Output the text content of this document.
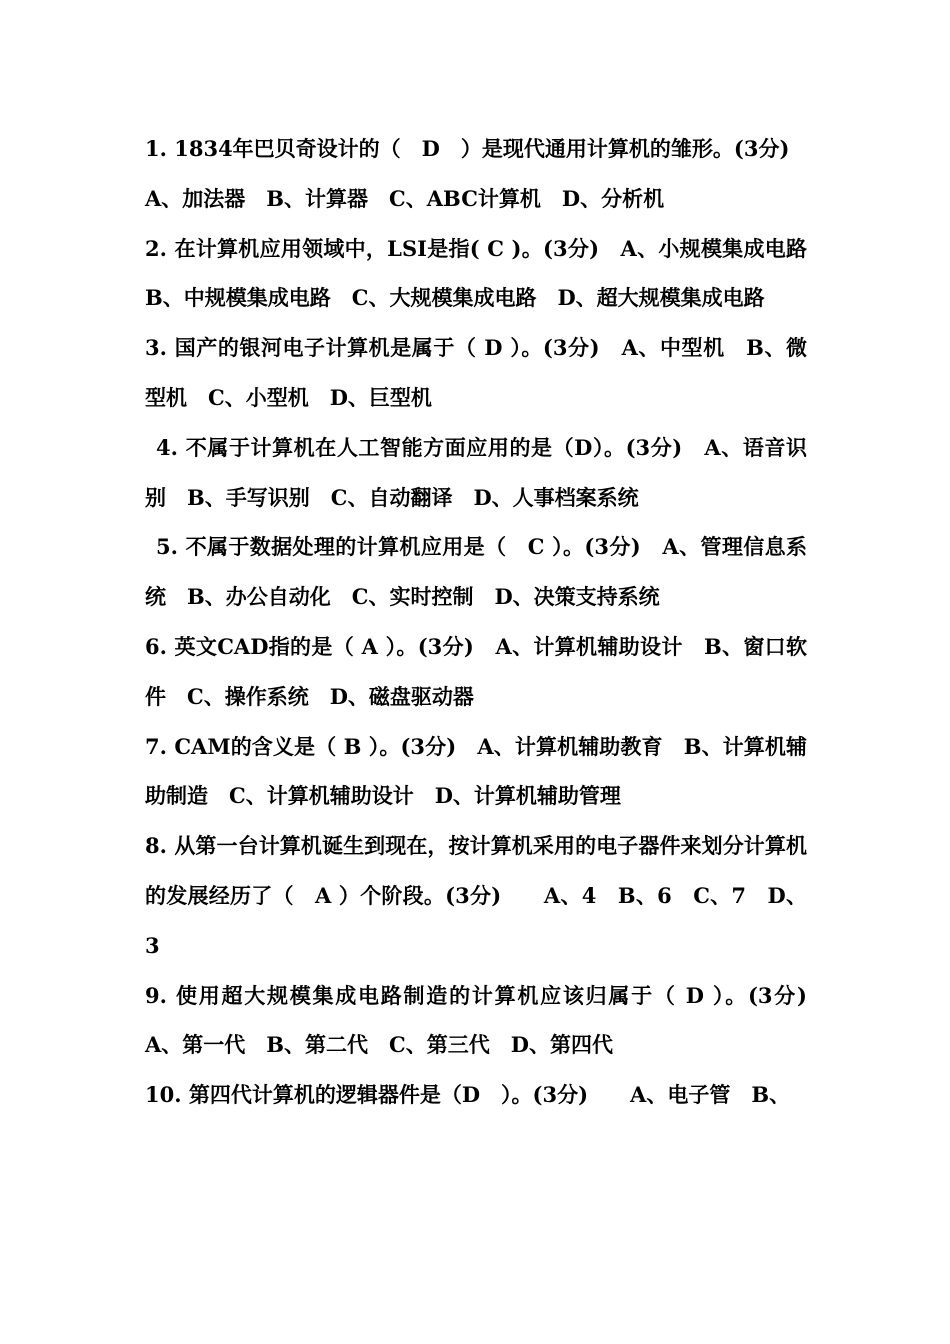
1. 1834年巴贝奇设计的（　D　）是现代通用计算机的雏形。(3分)

A、加法器　B、计算器　C、ABC计算机　D、分析机

2. 在计算机应用领域中，LSI是指( C )。(3分)　A、小规模集成电路　B、中规模集成电路　C、大规模集成电路　D、超大规模集成电路

3. 国产的银河电子计算机是属于（ D ）。(3分)　A、中型机　B、微型机　C、小型机　D、巨型机

4. 不属于计算机在人工智能方面应用的是（D）。(3分)　A、语音识别　B、手写识别　C、自动翻译　D、人事档案系统

5. 不属于数据处理的计算机应用是（　C ）。(3分)　A、管理信息系统　B、办公自动化　C、实时控制　D、决策支持系统

6. 英文CAD指的是（ A ）。(3分)　A、计算机辅助设计　B、窗口软件　C、操作系统　D、磁盘驱动器

7. CAM的含义是（ B ）。(3分)　A、计算机辅助教育　B、计算机辅助制造　C、计算机辅助设计　D、计算机辅助管理

8. 从第一台计算机诞生到现在，按计算机采用的电子器件来划分计算机的发展经历了（　A ）个阶段。(3分)　　A、4　B、6　C、7　D、3

9. 使用超大规模集成电路制造的计算机应该归属于（ D ）。(3分)　A、第一代　B、第二代　C、第三代　D、第四代

10. 第四代计算机的逻辑器件是（D　）。(3分)　　A、电子管　B、
